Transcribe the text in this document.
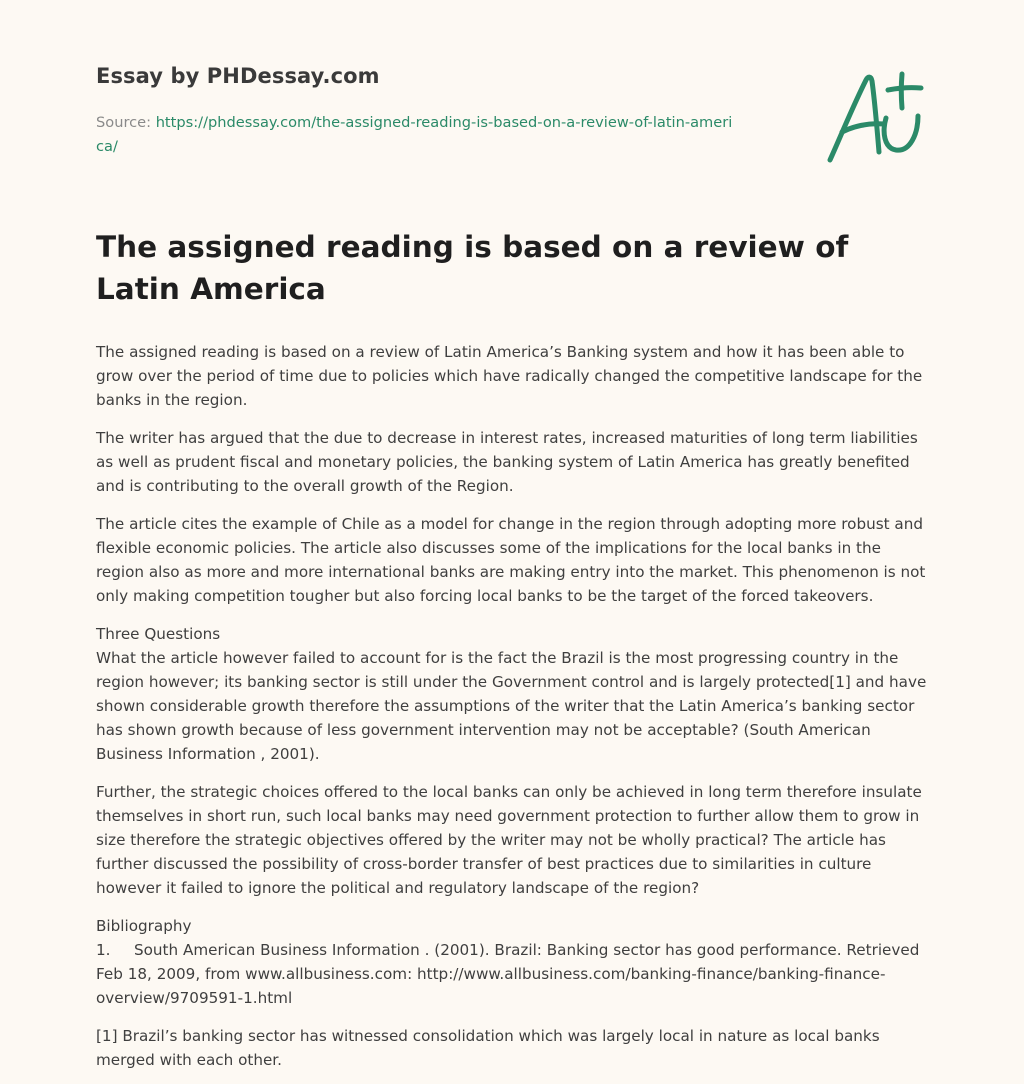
Essay by PHDessay.com
Source: https://phdessay.com/the-assigned-reading-is-based-on-a-review-of-latin-america/
The assigned reading is based on a review of Latin America

The assigned reading is based on a review of Latin America’s Banking system and how it has been able to grow over the period of time due to policies which have radically changed the competitive landscape for the banks in the region.

The writer has argued that the due to decrease in interest rates, increased maturities of long term liabilities as well as prudent fiscal and monetary policies, the banking system of Latin America has greatly benefited and is contributing to the overall growth of the Region.

The article cites the example of Chile as a model for change in the region through adopting more robust and flexible economic policies. The article also discusses some of the implications for the local banks in the region also as more and more international banks are making entry into the market. This phenomenon is not only making competition tougher but also forcing local banks to be the target of the forced takeovers.

Three Questions
What the article however failed to account for is the fact the Brazil is the most progressing country in the region however; its banking sector is still under the Government control and is largely protected[1] and have shown considerable growth therefore the assumptions of the writer that the Latin America’s banking sector has shown growth because of less government intervention may not be acceptable? (South American Business Information , 2001).

Further, the strategic choices offered to the local banks can only be achieved in long term therefore insulate themselves in short run, such local banks may need government protection to further allow them to grow in size therefore the strategic objectives offered by the writer may not be wholly practical? The article has further discussed the possibility of cross-border transfer of best practices due to similarities in culture however it failed to ignore the political and regulatory landscape of the region?

Bibliography
1. South American Business Information . (2001). Brazil: Banking sector has good performance. Retrieved Feb 18, 2009, from www.allbusiness.com: http://www.allbusiness.com/banking-finance/banking-finance-overview/9709591-1.html

[1] Brazil’s banking sector has witnessed consolidation which was largely local in nature as local banks merged with each other.
